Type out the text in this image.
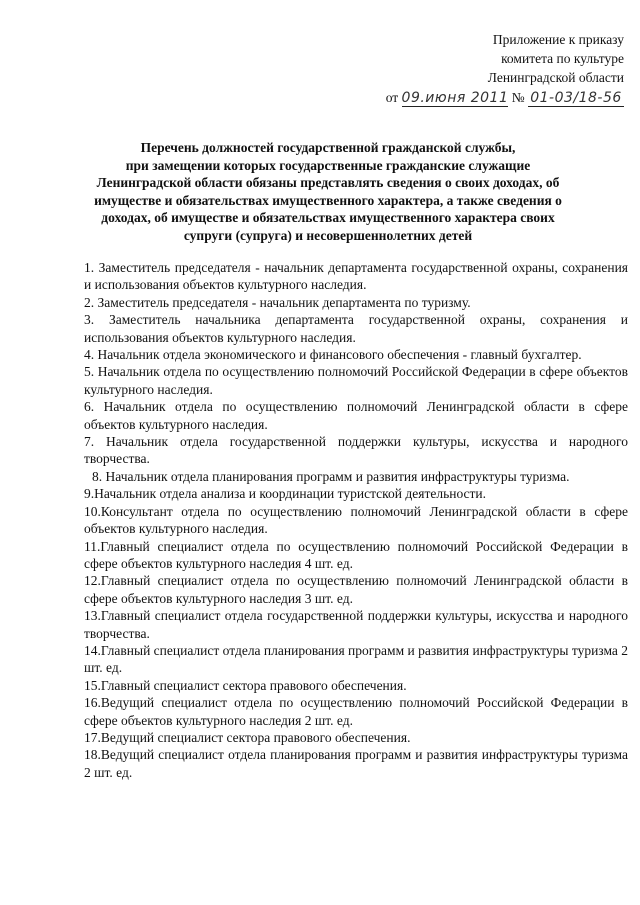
Приложение к приказу
комитета по культуре
Ленинградской области
от 09.июня 2011 № 01-03/18-56
Перечень должностей государственной гражданской службы,
при замещении которых государственные гражданские служащие
Ленинградской области обязаны представлять сведения о своих доходах, об
имуществе и обязательствах имущественного характера, а также сведения о
доходах, об имуществе и обязательствах имущественного характера своих
супруги (супруга) и несовершеннолетних детей
1. Заместитель председателя - начальник департамента государственной охраны, сохранения и использования объектов культурного наследия.
2. Заместитель председателя - начальник департамента по туризму.
3. Заместитель начальника департамента государственной охраны, сохранения и использования объектов культурного наследия.
4. Начальник отдела экономического и финансового обеспечения - главный бухгалтер.
5. Начальник отдела по осуществлению полномочий Российской Федерации в сфере объектов культурного наследия.
6. Начальник отдела по осуществлению полномочий Ленинградской области в сфере объектов культурного наследия.
7. Начальник отдела государственной поддержки культуры, искусства и народного творчества.
8. Начальник отдела планирования программ и развития инфраструктуры туризма.
9.Начальник отдела анализа и координации туристской деятельности.
10.Консультант отдела по осуществлению полномочий Ленинградской области в сфере объектов культурного наследия.
11.Главный специалист отдела по осуществлению полномочий Российской Федерации в сфере объектов культурного наследия 4 шт. ед.
12.Главный специалист отдела по осуществлению полномочий Ленинградской области в сфере объектов культурного наследия 3 шт. ед.
13.Главный специалист отдела государственной поддержки культуры, искусства и народного творчества.
14.Главный специалист отдела планирования программ и развития инфраструктуры туризма 2 шт. ед.
15.Главный специалист сектора правового обеспечения.
16.Ведущий специалист отдела по осуществлению полномочий Российской Федерации в сфере объектов культурного наследия 2 шт. ед.
17.Ведущий специалист сектора правового обеспечения.
18.Ведущий специалист отдела планирования программ и развития инфраструктуры туризма 2 шт. ед.
